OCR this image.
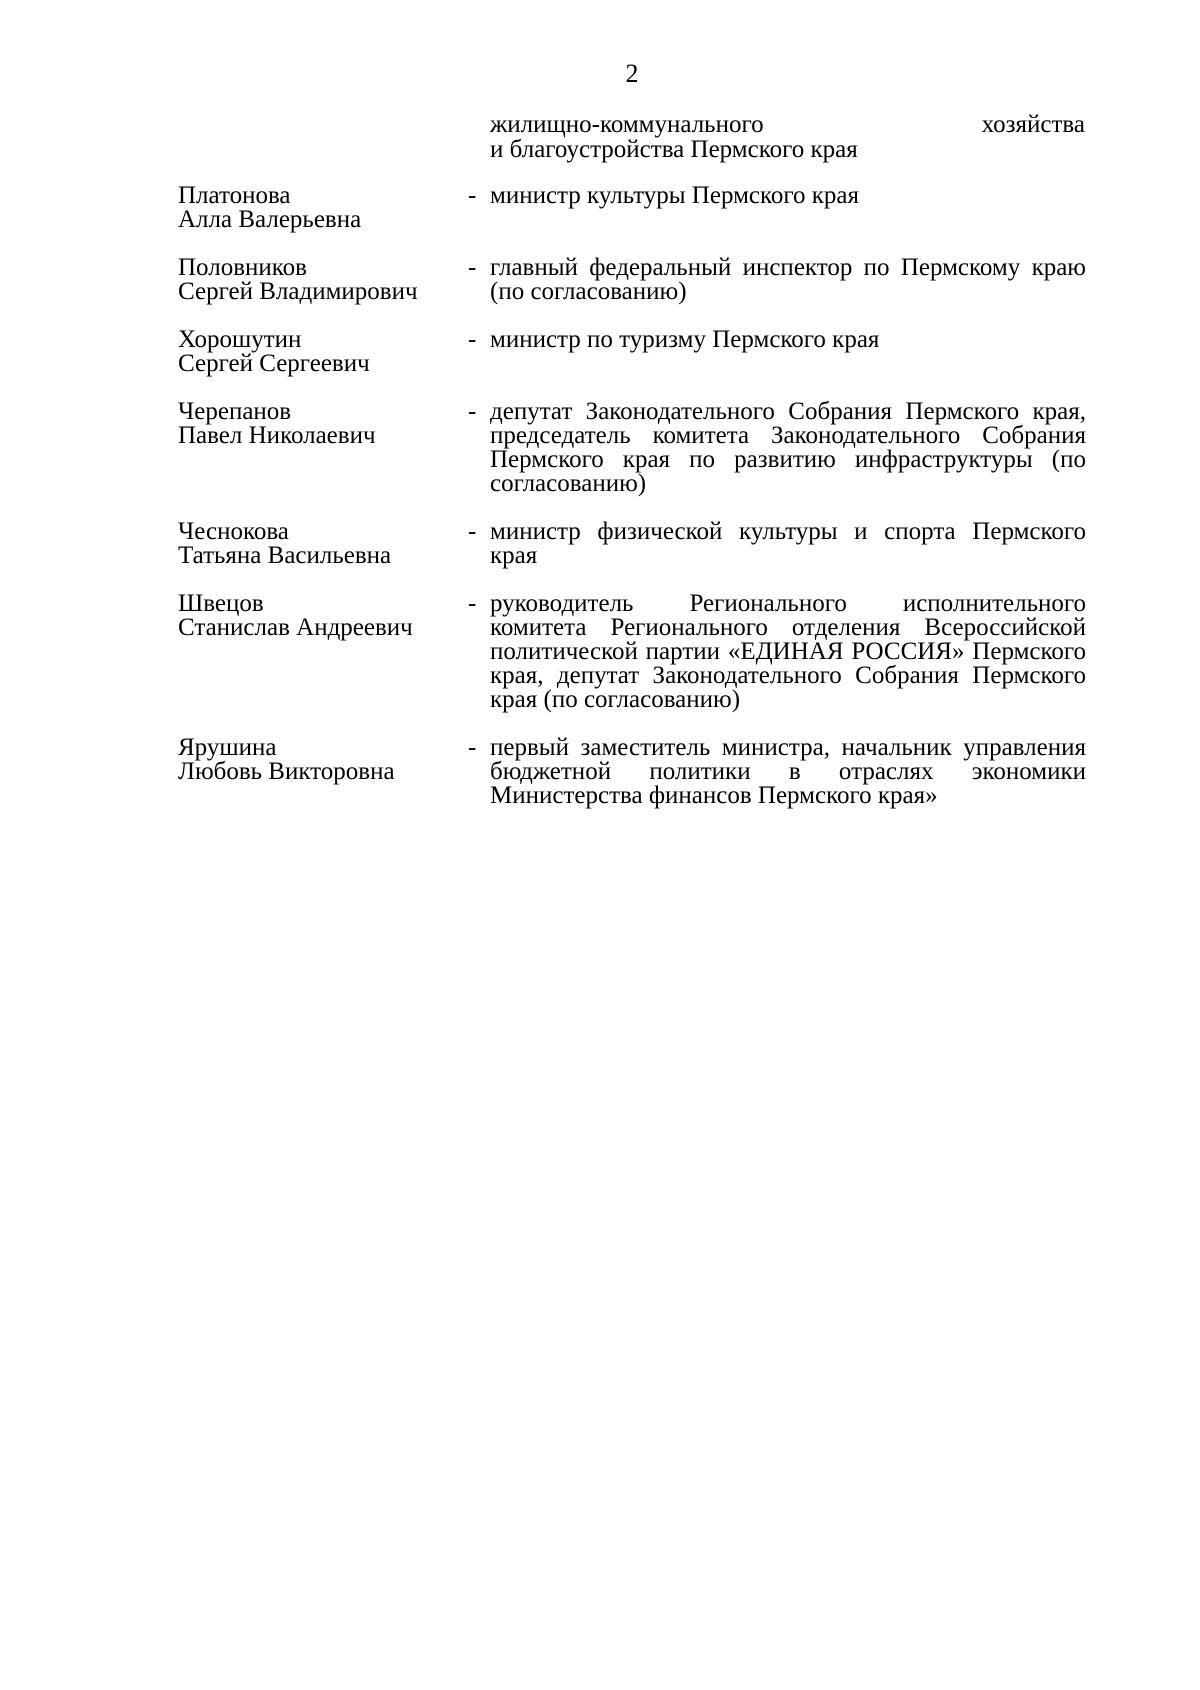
2
жилищно-коммунального	хозяйства
и благоустройства Пермского края
Платонова
Алла Валерьевна
- министр культуры Пермского края
Половников
Сергей Владимирович
- главный федеральный инспектор по Пермскому краю (по согласованию)
Хорошутин
Сергей Сергеевич
- министр по туризму Пермского края
Черепанов
Павел Николаевич
- депутат Законодательного Собрания Пермского края, председатель комитета Законодательного Собрания Пермского края по развитию инфраструктуры (по согласованию)
Чеснокова
Татьяна Васильевна
- министр физической культуры и спорта Пермского края
Швецов
Станислав Андреевич
- руководитель Регионального исполнительного комитета Регионального отделения Всероссийской политической партии «ЕДИНАЯ РОССИЯ» Пермского края, депутат Законодательного Собрания Пермского края (по согласованию)
Ярушина
Любовь Викторовна
- первый заместитель министра, начальник управления бюджетной политики в отраслях экономики Министерства финансов Пермского края»
